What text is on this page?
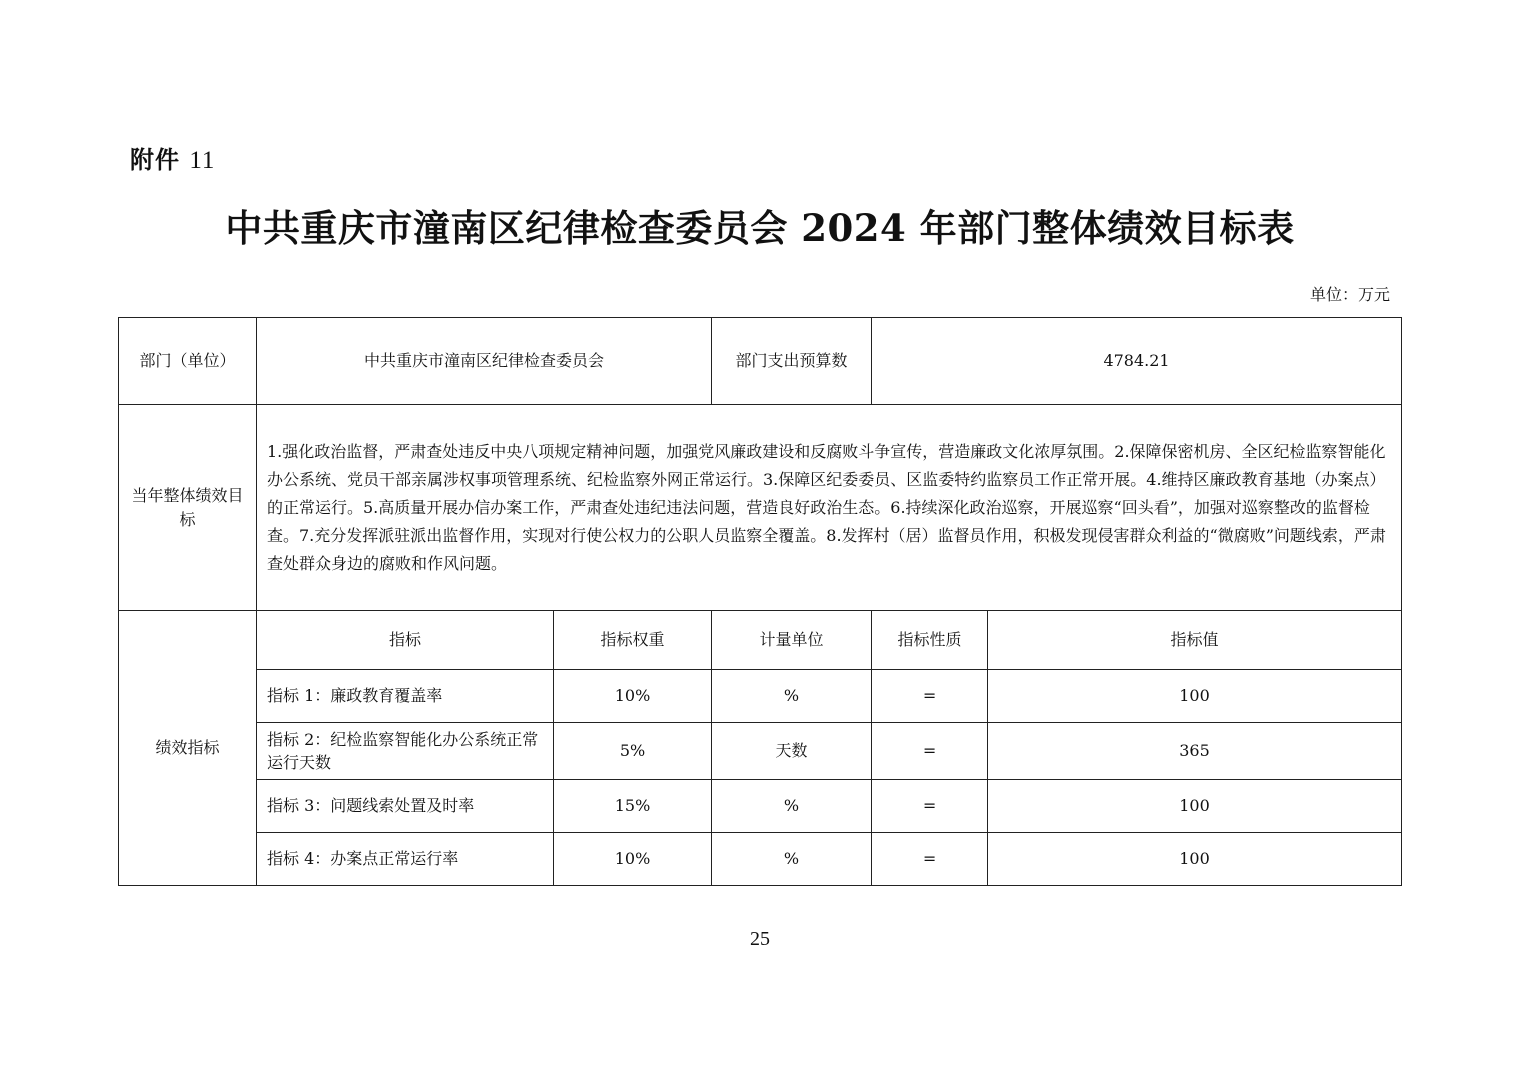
附件 11
中共重庆市潼南区纪律检查委员会 2024 年部门整体绩效目标表
单位：万元
部门（单位）	中共重庆市潼南区纪律检查委员会		部门支出预算数	4784.21	
当年整体绩效目标	1.强化政治监督，严肃查处违反中央八项规定精神问题，加强党风廉政建设和反腐败斗争宣传，营造廉政文化浓厚氛围。2.保障保密机房、全区纪检监察智能化办公系统、党员干部亲属涉权事项管理系统、纪检监察外网正常运行。3.保障区纪委委员、区监委特约监察员工作正常开展。4.维持区廉政教育基地（办案点）的正常运行。5.高质量开展办信办案工作，严肃查处违纪违法问题，营造良好政治生态。6.持续深化政治巡察，开展巡察“回头看”，加强对巡察整改的监督检查。7.充分发挥派驻派出监督作用，实现对行使公权力的公职人员监察全覆盖。8.发挥村（居）监督员作用，积极发现侵害群众利益的“微腐败”问题线索，严肃查处群众身边的腐败和作风问题。				
绩效指标	指标	指标权重	计量单位	指标性质	指标值
	指标 1：廉政教育覆盖率	10%	%	=	100
	指标 2：纪检监察智能化办公系统正常运行天数	5%	天数	=	365
	指标 3：问题线索处置及时率	15%	%	=	100
	指标 4：办案点正常运行率	10%	%	=	100
25
